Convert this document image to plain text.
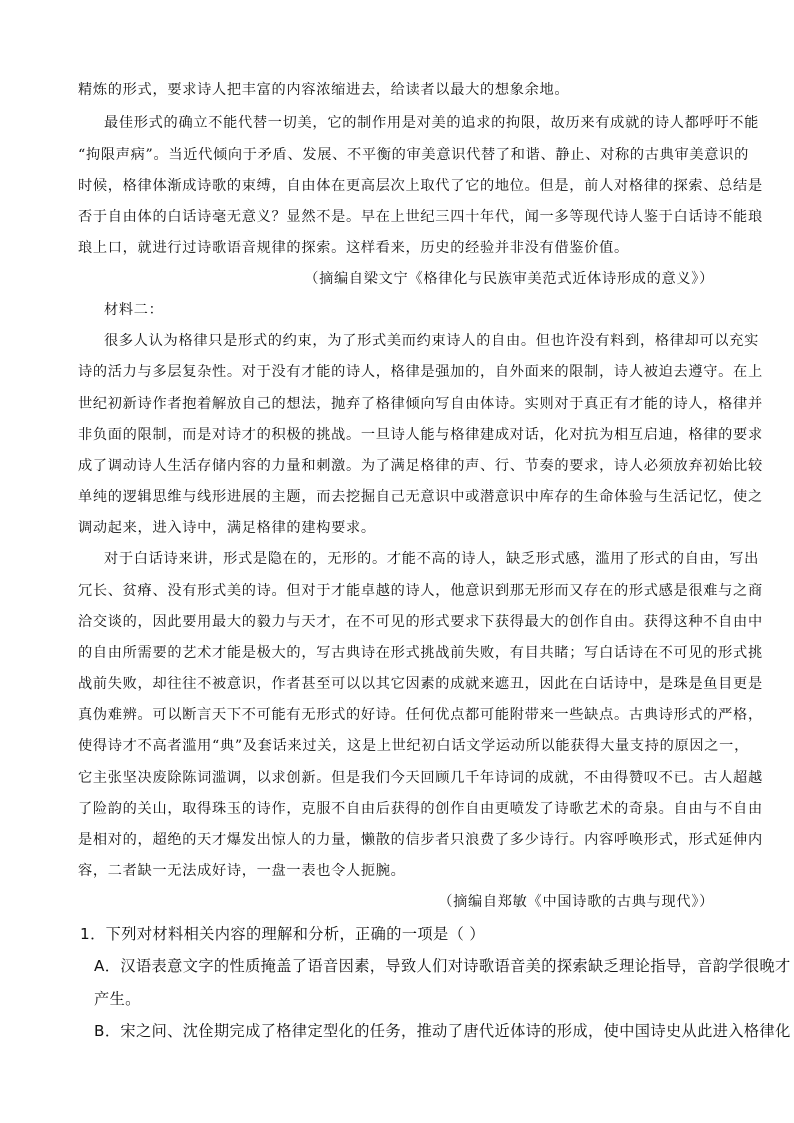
精炼的形式，要求诗人把丰富的内容浓缩进去，给读者以最大的想象余地。
最佳形式的确立不能代替一切美，它的制作用是对美的追求的拘限，故历来有成就的诗人都呼吁不能
“拘限声病”。当近代倾向于矛盾、发展、不平衡的审美意识代替了和谐、静止、对称的古典审美意识的
时候，格律体渐成诗歌的束缚，自由体在更高层次上取代了它的地位。但是，前人对格律的探索、总结是
否于自由体的白话诗毫无意义？显然不是。早在上世纪三四十年代，闻一多等现代诗人鉴于白话诗不能琅
琅上口，就进行过诗歌语音规律的探索。这样看来，历史的经验并非没有借鉴价值。
（摘编自梁文宁《格律化与民族审美范式近体诗形成的意义》）
材料二：
很多人认为格律只是形式的约束，为了形式美而约束诗人的自由。但也许没有料到，格律却可以充实
诗的活力与多层复杂性。对于没有才能的诗人，格律是强加的，自外面来的限制，诗人被迫去遵守。在上
世纪初新诗作者抱着解放自己的想法，抛弃了格律倾向写自由体诗。实则对于真正有才能的诗人，格律并
非负面的限制，而是对诗才的积极的挑战。一旦诗人能与格律建成对话，化对抗为相互启迪，格律的要求
成了调动诗人生活存储内容的力量和刺激。为了满足格律的声、行、节奏的要求，诗人必须放弃初始比较
单纯的逻辑思维与线形进展的主题，而去挖掘自己无意识中或潜意识中库存的生命体验与生活记忆，使之
调动起来，进入诗中，满足格律的建构要求。
对于白话诗来讲，形式是隐在的，无形的。才能不高的诗人，缺乏形式感，滥用了形式的自由，写出
冗长、贫瘠、没有形式美的诗。但对于才能卓越的诗人，他意识到那无形而又存在的形式感是很难与之商
洽交谈的，因此要用最大的毅力与天才，在不可见的形式要求下获得最大的创作自由。获得这种不自由中
的自由所需要的艺术才能是极大的，写古典诗在形式挑战前失败，有目共睹；写白话诗在不可见的形式挑
战前失败，却往往不被意识，作者甚至可以以其它因素的成就来遮丑，因此在白话诗中，是珠是鱼目更是
真伪难辨。可以断言天下不可能有无形式的好诗。任何优点都可能附带来一些缺点。古典诗形式的严格，
使得诗才不高者滥用“典”及套话来过关，这是上世纪初白话文学运动所以能获得大量支持的原因之一，
它主张坚决废除陈词滥调，以求创新。但是我们今天回顾几千年诗词的成就，不由得赞叹不已。古人超越
了险韵的关山，取得珠玉的诗作，克服不自由后获得的创作自由更喷发了诗歌艺术的奇泉。自由与不自由
是相对的，超绝的天才爆发出惊人的力量，懒散的信步者只浪费了多少诗行。内容呼唤形式，形式延伸内
容，二者缺一无法成好诗，一盘一表也令人扼腕。
（摘编自郑敏《中国诗歌的古典与现代》）
1．下列对材料相关内容的理解和分析，正确的一项是（ ）
A．汉语表意文字的性质掩盖了语音因素，导致人们对诗歌语音美的探索缺乏理论指导，音韵学很晚才
产生。
B．宋之问、沈佺期完成了格律定型化的任务，推动了唐代近体诗的形成，使中国诗史从此进入格律化
